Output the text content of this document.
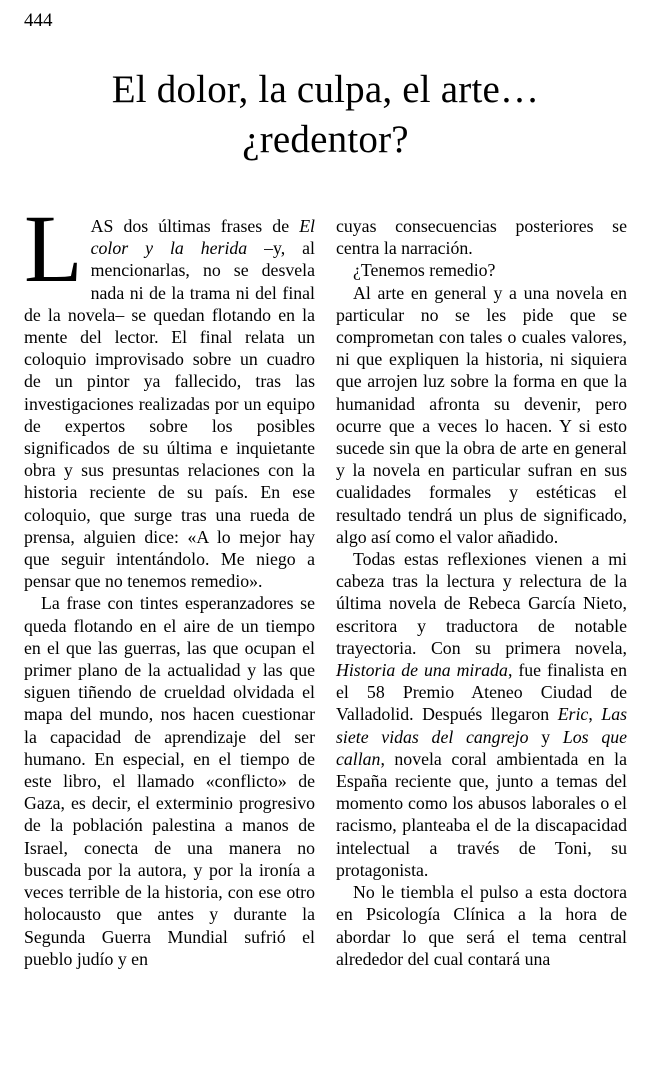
444
El dolor, la culpa, el arte…
¿redentor?

LAS dos últimas frases de El color y la herida –y, al mencionarlas, no se desvela nada ni de la trama ni del final de la novela– se quedan flotando en la mente del lector. El final relata un coloquio improvisado sobre un cuadro de un pintor ya fallecido, tras las investigaciones realizadas por un equipo de expertos sobre los posibles significados de su última e inquietante obra y sus presuntas relaciones con la historia reciente de su país. En ese coloquio, que surge tras una rueda de prensa, alguien dice: «A lo mejor hay que seguir intentándolo. Me niego a pensar que no tenemos remedio».

La frase con tintes esperanzadores se queda flotando en el aire de un tiempo en el que las guerras, las que ocupan el primer plano de la actualidad y las que siguen tiñendo de crueldad olvidada el mapa del mundo, nos hacen cuestionar la capacidad de aprendizaje del ser humano. En especial, en el tiempo de este libro, el llamado «conflicto» de Gaza, es decir, el exterminio progresivo de la población palestina a manos de Israel, conecta de una manera no buscada por la autora, y por la ironía a veces terrible de la historia, con ese otro holocausto que antes y durante la Segunda Guerra Mundial sufrió el pueblo judío y en

cuyas consecuencias posteriores se centra la narración.

¿Tenemos remedio?

Al arte en general y a una novela en particular no se les pide que se comprometan con tales o cuales valores, ni que expliquen la historia, ni siquiera que arrojen luz sobre la forma en que la humanidad afronta su devenir, pero ocurre que a veces lo hacen. Y si esto sucede sin que la obra de arte en general y la novela en particular sufran en sus cualidades formales y estéticas el resultado tendrá un plus de significado, algo así como el valor añadido.

Todas estas reflexiones vienen a mi cabeza tras la lectura y relectura de la última novela de Rebeca García Nieto, escritora y traductora de notable trayectoria. Con su primera novela, Historia de una mirada, fue finalista en el 58 Premio Ateneo Ciudad de Valladolid. Después llegaron Eric, Las siete vidas del cangrejo y Los que callan, novela coral ambientada en la España reciente que, junto a temas del momento como los abusos laborales o el racismo, planteaba el de la discapacidad intelectual a través de Toni, su protagonista.

No le tiembla el pulso a esta doctora en Psicología Clínica a la hora de abordar lo que será el tema central alrededor del cual contará una
